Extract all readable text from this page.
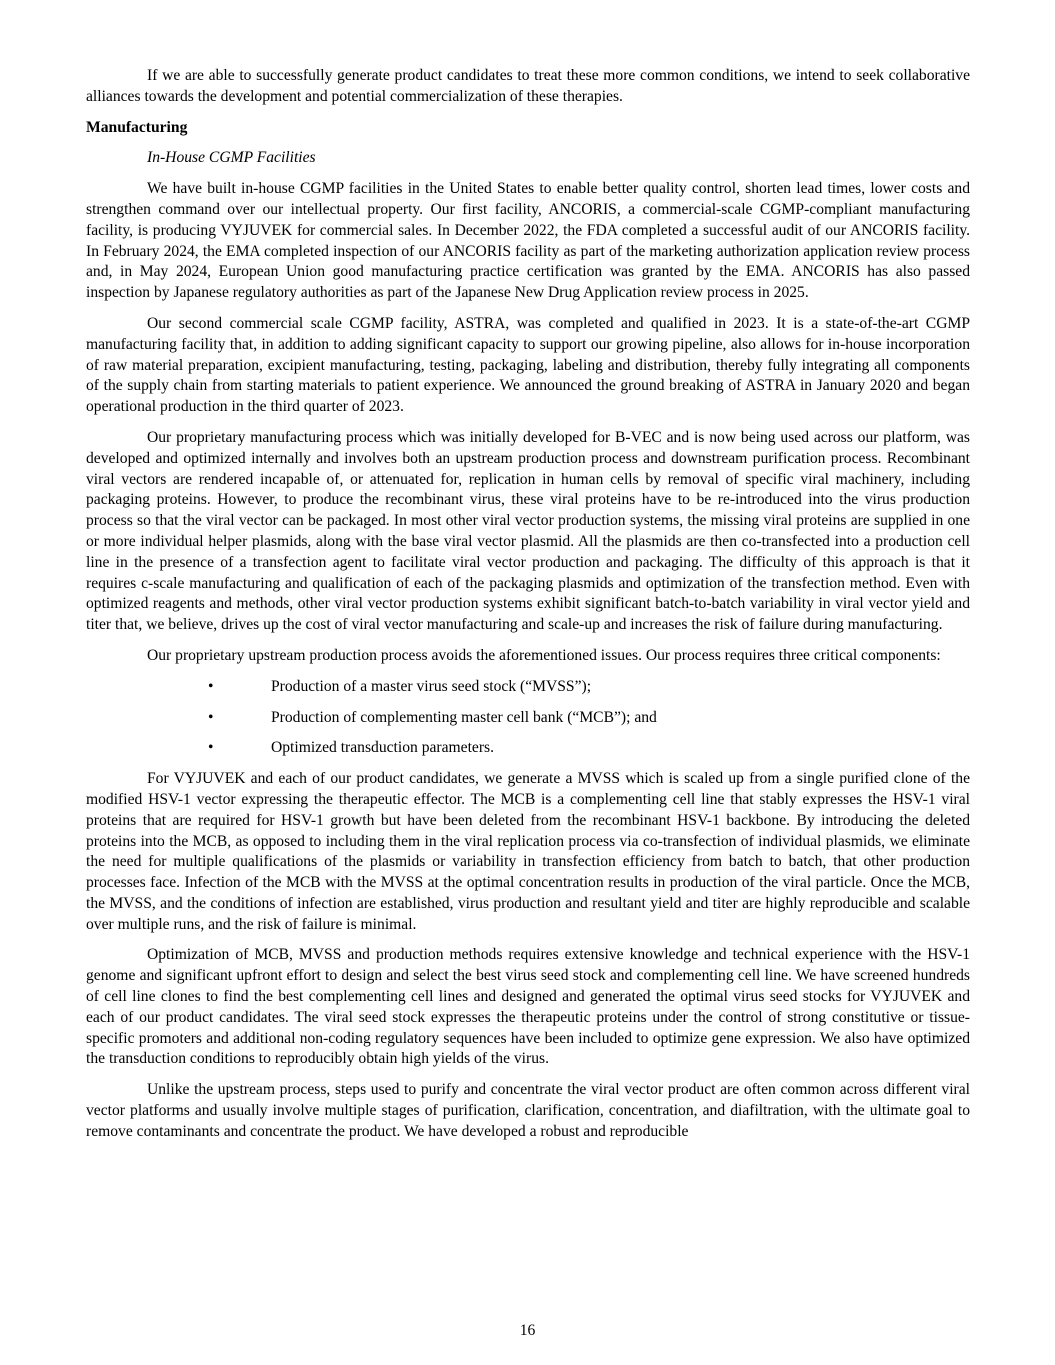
If we are able to successfully generate product candidates to treat these more common conditions, we intend to seek collaborative alliances towards the development and potential commercialization of these therapies.

Manufacturing

In-House CGMP Facilities

We have built in-house CGMP facilities in the United States to enable better quality control, shorten lead times, lower costs and strengthen command over our intellectual property. Our first facility, ANCORIS, a commercial-scale CGMP-compliant manufacturing facility, is producing VYJUVEK for commercial sales. In December 2022, the FDA completed a successful audit of our ANCORIS facility. In February 2024, the EMA completed inspection of our ANCORIS facility as part of the marketing authorization application review process and, in May 2024, European Union good manufacturing practice certification was granted by the EMA. ANCORIS has also passed inspection by Japanese regulatory authorities as part of the Japanese New Drug Application review process in 2025.

Our second commercial scale CGMP facility, ASTRA, was completed and qualified in 2023. It is a state-of-the-art CGMP manufacturing facility that, in addition to adding significant capacity to support our growing pipeline, also allows for in-house incorporation of raw material preparation, excipient manufacturing, testing, packaging, labeling and distribution, thereby fully integrating all components of the supply chain from starting materials to patient experience. We announced the ground breaking of ASTRA in January 2020 and began operational production in the third quarter of 2023.

Our proprietary manufacturing process which was initially developed for B-VEC and is now being used across our platform, was developed and optimized internally and involves both an upstream production process and downstream purification process. Recombinant viral vectors are rendered incapable of, or attenuated for, replication in human cells by removal of specific viral machinery, including packaging proteins. However, to produce the recombinant virus, these viral proteins have to be re-introduced into the virus production process so that the viral vector can be packaged. In most other viral vector production systems, the missing viral proteins are supplied in one or more individual helper plasmids, along with the base viral vector plasmid. All the plasmids are then co-transfected into a production cell line in the presence of a transfection agent to facilitate viral vector production and packaging. The difficulty of this approach is that it requires c-scale manufacturing and qualification of each of the packaging plasmids and optimization of the transfection method. Even with optimized reagents and methods, other viral vector production systems exhibit significant batch-to-batch variability in viral vector yield and titer that, we believe, drives up the cost of viral vector manufacturing and scale-up and increases the risk of failure during manufacturing.

Our proprietary upstream production process avoids the aforementioned issues. Our process requires three critical components:

•	Production of a master virus seed stock (“MVSS”);
•	Production of complementing master cell bank (“MCB”); and
•	Optimized transduction parameters.

For VYJUVEK and each of our product candidates, we generate a MVSS which is scaled up from a single purified clone of the modified HSV-1 vector expressing the therapeutic effector. The MCB is a complementing cell line that stably expresses the HSV-1 viral proteins that are required for HSV-1 growth but have been deleted from the recombinant HSV-1 backbone. By introducing the deleted proteins into the MCB, as opposed to including them in the viral replication process via co-transfection of individual plasmids, we eliminate the need for multiple qualifications of the plasmids or variability in transfection efficiency from batch to batch, that other production processes face. Infection of the MCB with the MVSS at the optimal concentration results in production of the viral particle. Once the MCB, the MVSS, and the conditions of infection are established, virus production and resultant yield and titer are highly reproducible and scalable over multiple runs, and the risk of failure is minimal.

Optimization of MCB, MVSS and production methods requires extensive knowledge and technical experience with the HSV-1 genome and significant upfront effort to design and select the best virus seed stock and complementing cell line. We have screened hundreds of cell line clones to find the best complementing cell lines and designed and generated the optimal virus seed stocks for VYJUVEK and each of our product candidates. The viral seed stock expresses the therapeutic proteins under the control of strong constitutive or tissue-specific promoters and additional non-coding regulatory sequences have been included to optimize gene expression. We also have optimized the transduction conditions to reproducibly obtain high yields of the virus.

Unlike the upstream process, steps used to purify and concentrate the viral vector product are often common across different viral vector platforms and usually involve multiple stages of purification, clarification, concentration, and diafiltration, with the ultimate goal to remove contaminants and concentrate the product. We have developed a robust and reproducible

16
